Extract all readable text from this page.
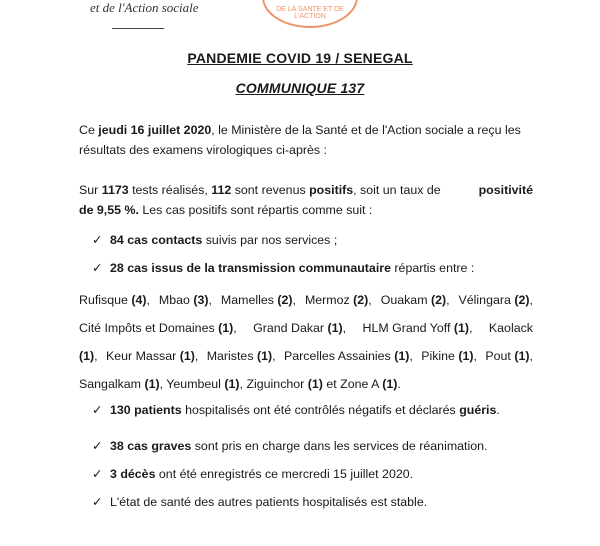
et de l'Action sociale	DE LA SANTE ET DE L'ACTION
PANDEMIE COVID 19 / SENEGAL
COMMUNIQUE 137
Ce jeudi 16 juillet 2020, le Ministère de la Santé et de l'Action sociale a reçu les
résultats des examens virologiques ci-après :
Sur 1173 tests réalisés, 112 sont revenus positifs, soit un taux de	positivité
de 9,55 %. Les cas positifs sont répartis comme suit :
✓ 84 cas contacts suivis par nos services ;
✓ 28 cas issus de la transmission communautaire répartis entre :
Rufisque (4), Mbao (3), Mamelles (2), Mermoz (2), Ouakam (2), Vélingara (2),
Cité Impôts et Domaines (1), Grand Dakar (1), HLM Grand Yoff (1), Kaolack
(1), Keur Massar (1), Maristes (1), Parcelles Assainies (1), Pikine (1), Pout (1),
Sangalkam (1), Yeumbeul (1), Ziguinchor (1) et Zone A (1).
✓ 130 patients hospitalisés ont été contrôlés négatifs et déclarés guéris.
✓ 38 cas graves sont pris en charge dans les services de réanimation.
✓ 3 décès ont été enregistrés ce mercredi 15 juillet 2020.
✓ L'état de santé des autres patients hospitalisés est stable.
